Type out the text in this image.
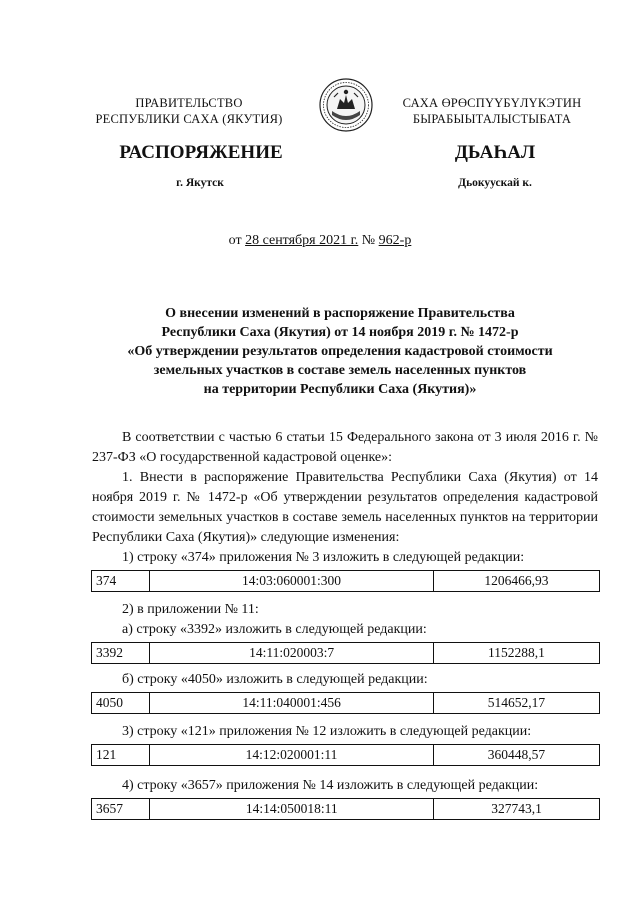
ПРАВИТЕЛЬСТВО
РЕСПУБЛИКИ САХА (ЯКУТИЯ)
САХА ӨРӨСПҮҮБҮЛҮКЭТИН
БЫРАБЫЫТАЛЫСТЫБАТА
РАСПОРЯЖЕНИЕ	ДЬАҺАЛ
г. Якутск	Дьокуускай к.
от 28 сентября 2021 г. № 962-р
О внесении изменений в распоряжение Правительства
Республики Саха (Якутия) от 14 ноября 2019 г. № 1472-р
«Об утверждении результатов определения кадастровой стоимости
земельных участков в составе земель населенных пунктов
на территории Республики Саха (Якутия)»
В соответствии с частью 6 статьи 15 Федерального закона от 3 июля 2016 г. № 237-ФЗ «О государственной кадастровой оценке»:
1. Внести в распоряжение Правительства Республики Саха (Якутия) от 14 ноября 2019 г. № 1472-р «Об утверждении результатов определения кадастровой стоимости земельных участков в составе земель населенных пунктов на территории Республики Саха (Якутия)» следующие изменения:
1) строку «374» приложения № 3 изложить в следующей редакции:
374	14:03:060001:300	1206466,93
2) в приложении № 11:
а) строку «3392» изложить в следующей редакции:
3392	14:11:020003:7	1152288,1
б) строку «4050» изложить в следующей редакции:
4050	14:11:040001:456	514652,17
3) строку «121» приложения № 12 изложить в следующей редакции:
121	14:12:020001:11	360448,57
4) строку «3657» приложения № 14 изложить в следующей редакции:
3657	14:14:050018:11	327743,1
